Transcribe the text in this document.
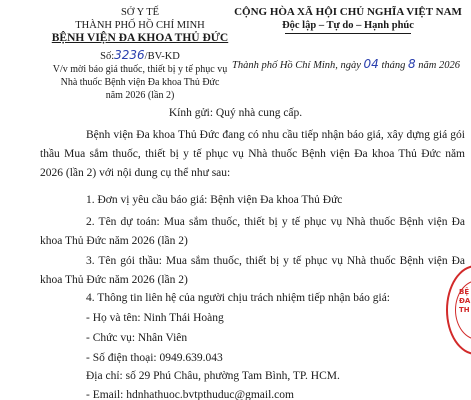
SỞ Y TẾ
THÀNH PHỐ HỒ CHÍ MINH
BỆNH VIỆN ĐA KHOA THỦ ĐỨC
Số:3236/BV-KD
V/v mời báo giá thuốc, thiết bị y tế phục vụ
Nhà thuốc Bệnh viện Đa khoa Thủ Đức
năm 2026 (lần 2)
CỘNG HÒA XÃ HỘI CHỦ NGHĨA VIỆT NAM
Độc lập – Tự do – Hạnh phúc
Thành phố Hồ Chí Minh, ngày 04 tháng 8 năm 2026
Kính gửi: Quý nhà cung cấp.
Bệnh viện Đa khoa Thủ Đức đang có nhu cầu tiếp nhận báo giá, xây dựng giá gói thầu Mua sắm thuốc, thiết bị y tế phục vụ Nhà thuốc Bệnh viện Đa khoa Thủ Đức năm 2026 (lần 2) với nội dung cụ thể như sau:
1. Đơn vị yêu cầu báo giá: Bệnh viện Đa khoa Thủ Đức
2. Tên dự toán: Mua sắm thuốc, thiết bị y tế phục vụ Nhà thuốc Bệnh viện Đa khoa Thủ Đức năm 2026 (lần 2)
3. Tên gói thầu: Mua sắm thuốc, thiết bị y tế phục vụ Nhà thuốc Bệnh viện Đa khoa Thủ Đức năm 2026 (lần 2)
4. Thông tin liên hệ của người chịu trách nhiệm tiếp nhận báo giá:
- Họ và tên: Ninh Thái Hoàng
- Chức vụ: Nhân Viên
- Số điện thoại: 0949.639.043
Địa chỉ: số 29 Phú Châu, phường Tam Bình, TP. HCM.
- Email: hdnhathuoc.bvtpthuduc@gmail.com
BỆ
ĐA
TH
